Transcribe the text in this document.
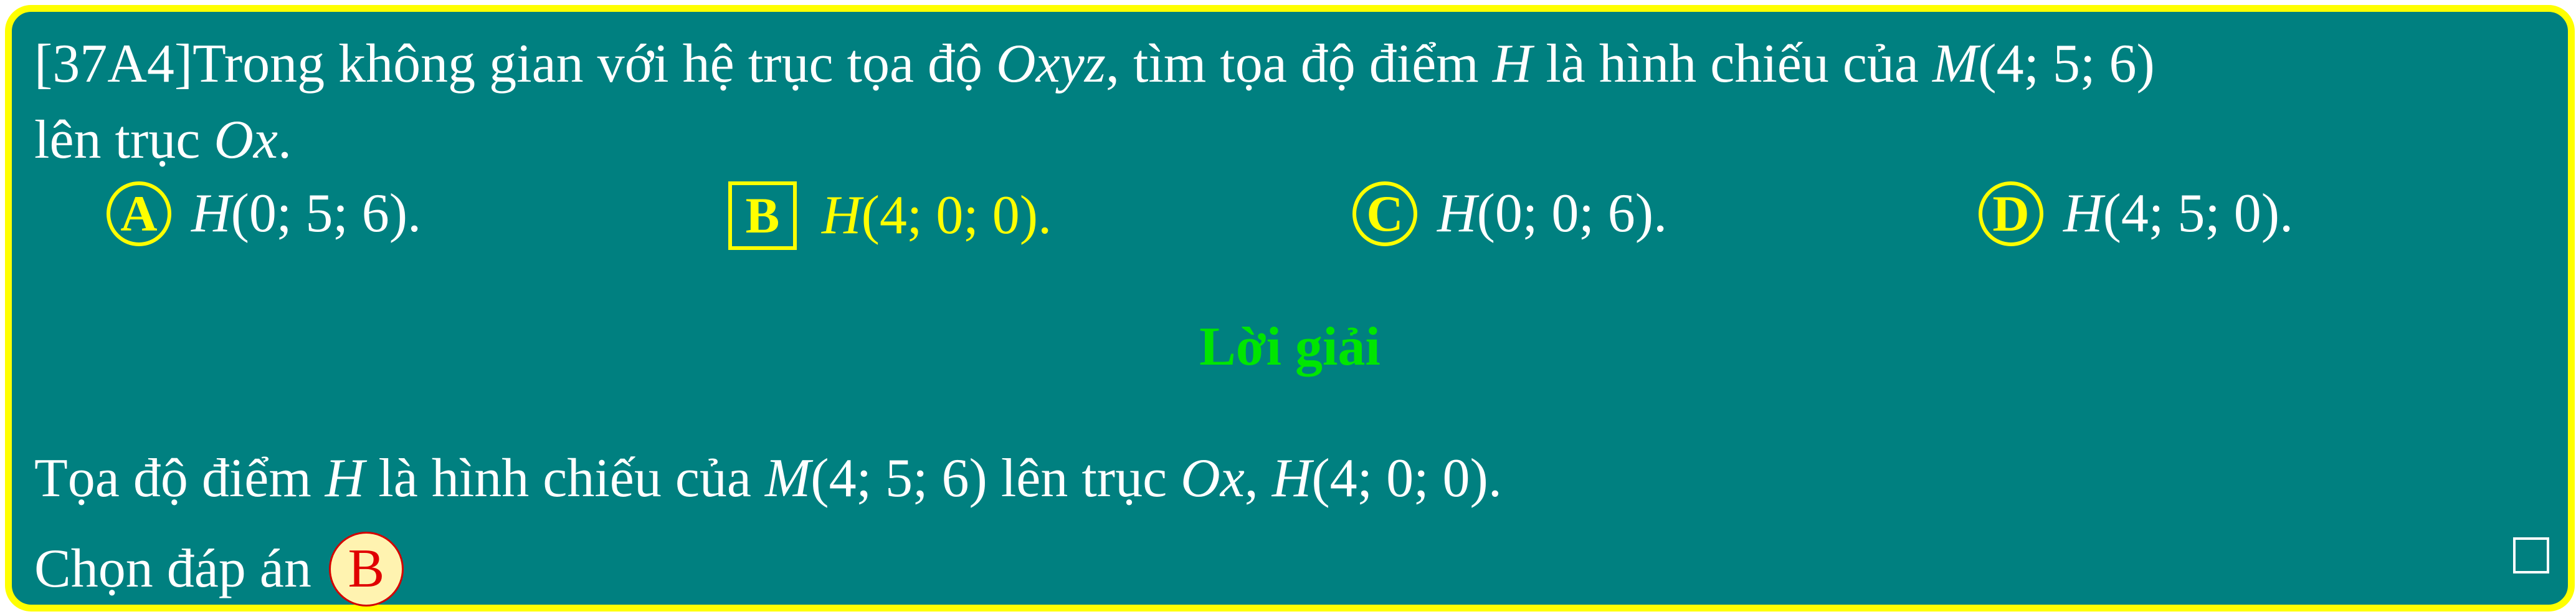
[37A4]Trong không gian với hệ trục tọa độ Oxyz, tìm tọa độ điểm H là hình chiếu của M(4; 5; 6)
lên trục Ox.
A H (0; 5; 6).	B H (4; 0; 0).	C H (0; 0; 6).	D H (4; 5; 0).
Lời giải
Tọa độ điểm H là hình chiếu của M(4; 5; 6) lên trục Ox, H(4; 0; 0).
Chọn đáp án B
